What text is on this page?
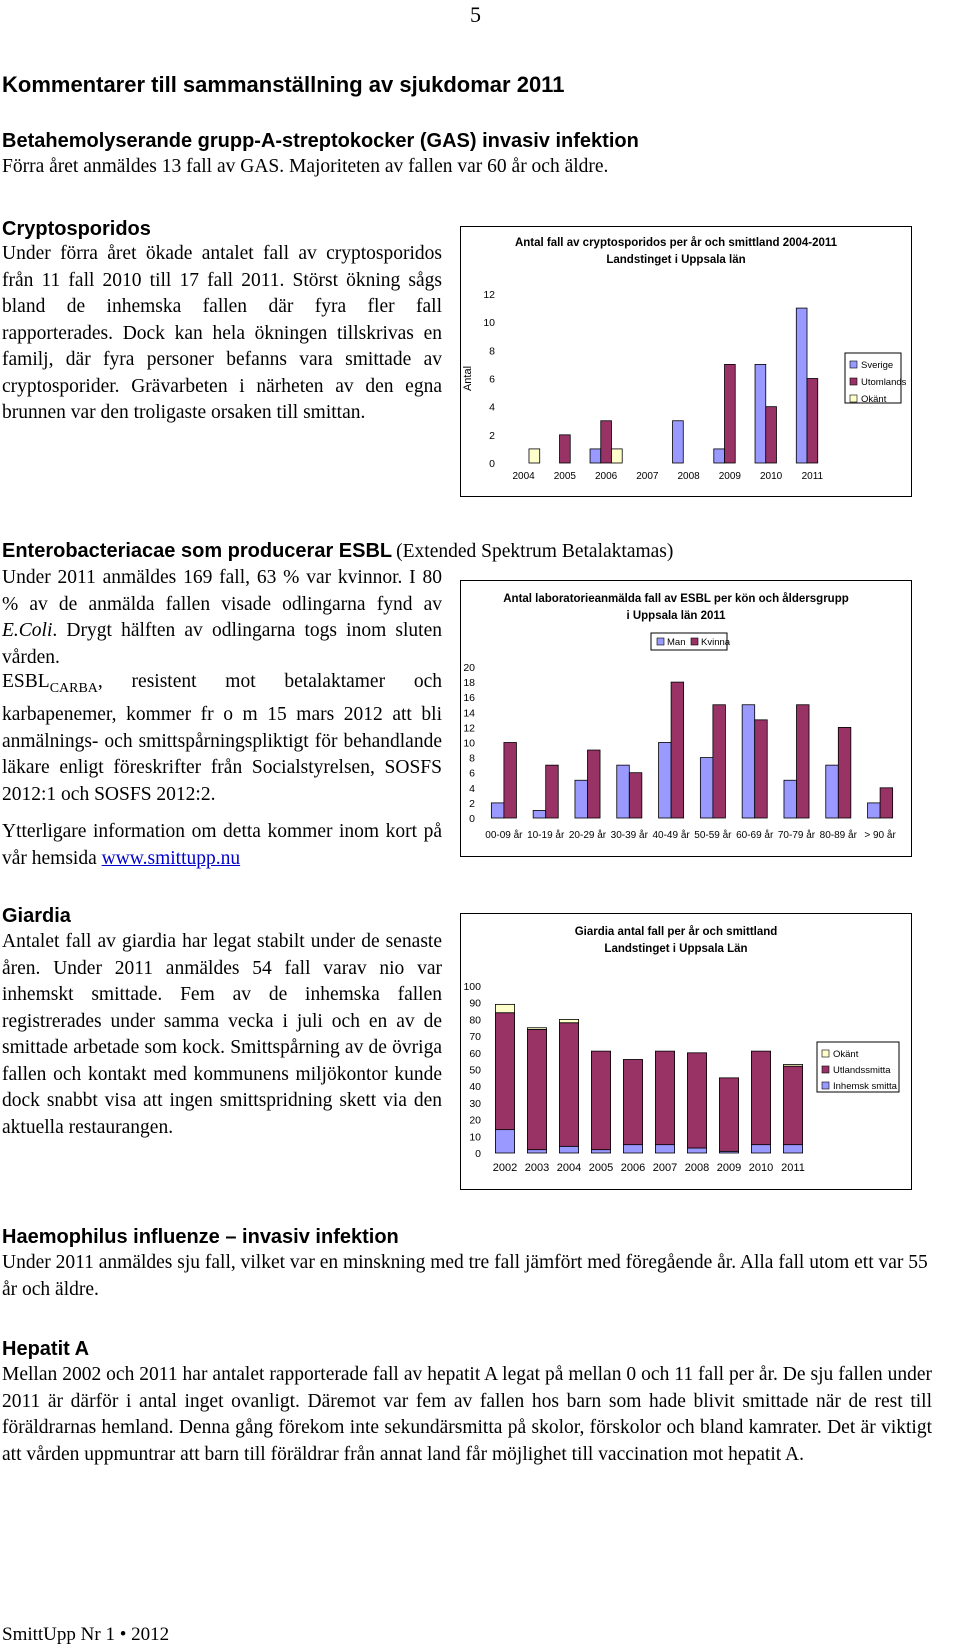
5
Kommentarer till sammanställning av sjukdomar 2011
Betahemolyserande grupp-A-streptokocker (GAS) invasiv infektion
Förra året anmäldes 13 fall av GAS. Majoriteten av fallen var 60 år och äldre.
Cryptosporidos
Under förra året ökade antalet fall av cryptosporidos från 11 fall 2010 till 17 fall 2011. Störst ökning sågs bland de inhemska fallen där fyra fler fall rapporterades. Dock kan hela ökningen tillskrivas en familj, där fyra personer befanns vara smittade av cryptosporider. Grävarbeten i närheten av den egna brunnen var den troligaste orsaken till smittan.
Antal fall av cryptosporidos per år och smittland 2004-2011
Landstinget i Uppsala län
Antal
0
2
4
6
8
10
12
2004 2005 2006 2007 2008 2009 2010 2011
Sverige
Utomlands
Okänt
Enterobacteriacae som producerar ESBL (Extended Spektrum Betalaktamas)
Under 2011 anmäldes 169 fall, 63 % var kvinnor. I 80 % av de anmälda fallen visade odlingarna fynd av E.Coli. Drygt hälften av odlingarna togs inom sluten vården.
$ESBL_{CARBA}$, resistent mot betalaktamer och karbapenemer, kommer fr o m 15 mars 2012 att bli anmälnings- och smittspårningspliktigt för behandlande läkare enligt föreskrifter från Socialstyrelsen, SOSFS 2012:1 och SOSFS 2012:2.
Ytterligare information om detta kommer inom kort på vår hemsida www.smittupp.nu
Antal laboratorieanmälda fall av ESBL per kön och åldersgrupp
i Uppsala län 2011
0
2
4
6
8
10
12
14
16
18
20
00-09 år 10-19 år 20-29 år 30-39 år 40-49 år 50-59 år 60-69 år 70-79 år 80-89 år > 90 år
Man Kvinna
Giardia
Antalet fall av giardia har legat stabilt under de senaste åren. Under 2011 anmäldes 54 fall varav nio var inhemskt smittade. Fem av de inhemska fallen registrerades under samma vecka i juli och en av de smittade arbetade som kock. Smittspårning av de övriga fallen och kontakt med kommunens miljökontor kunde dock snabbt visa att ingen smittspridning skett via den aktuella restaurangen.
Giardia antal fall per år och smittland
Landstinget i Uppsala Län
0
10
20
30
40
50
60
70
80
90
100
2002 2003 2004 2005 2006 2007 2008 2009 2010 2011
Okänt
Utlandssmitta
Inhemsk smitta
Haemophilus influenze – invasiv infektion
Under 2011 anmäldes sju fall, vilket var en minskning med tre fall jämfört med föregående år. Alla fall utom ett var 55 år och äldre.
Hepatit A
Mellan 2002 och 2011 har antalet rapporterade fall av hepatit A legat på mellan 0 och 11 fall per år. De sju fallen under 2011 är därför i antal inget ovanligt. Däremot var fem av fallen hos barn som hade blivit smittade när de rest till föräldrarnas hemland. Denna gång förekom inte sekundärsmitta på skolor, förskolor och bland kamrater. Det är viktigt att vården uppmuntrar att barn till föräldrar från annat land får möjlighet till vaccination mot hepatit A.
SmittUpp Nr 1 • 2012
